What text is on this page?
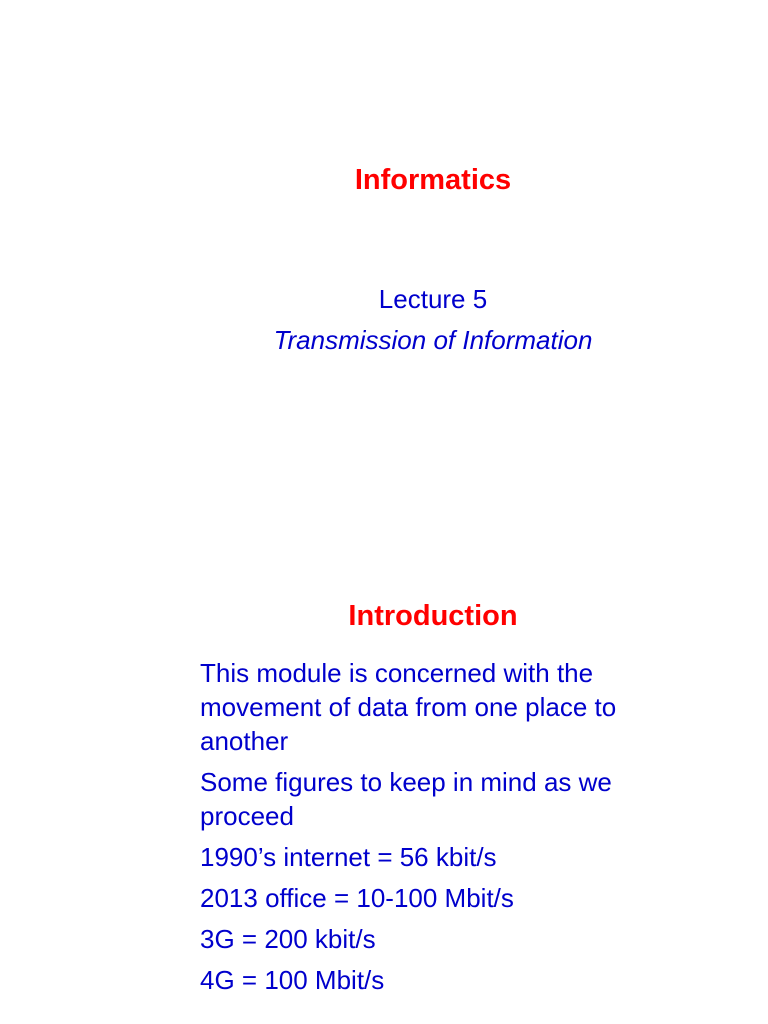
Informatics

Lecture 5

Transmission of Information

Introduction
This module is concerned with the movement of data from one place to another
Some figures to keep in mind as we proceed
1990’s internet = 56 kbit/s
2013 office = 10-100 Mbit/s
3G = 200 kbit/s
4G = 100 Mbit/s
